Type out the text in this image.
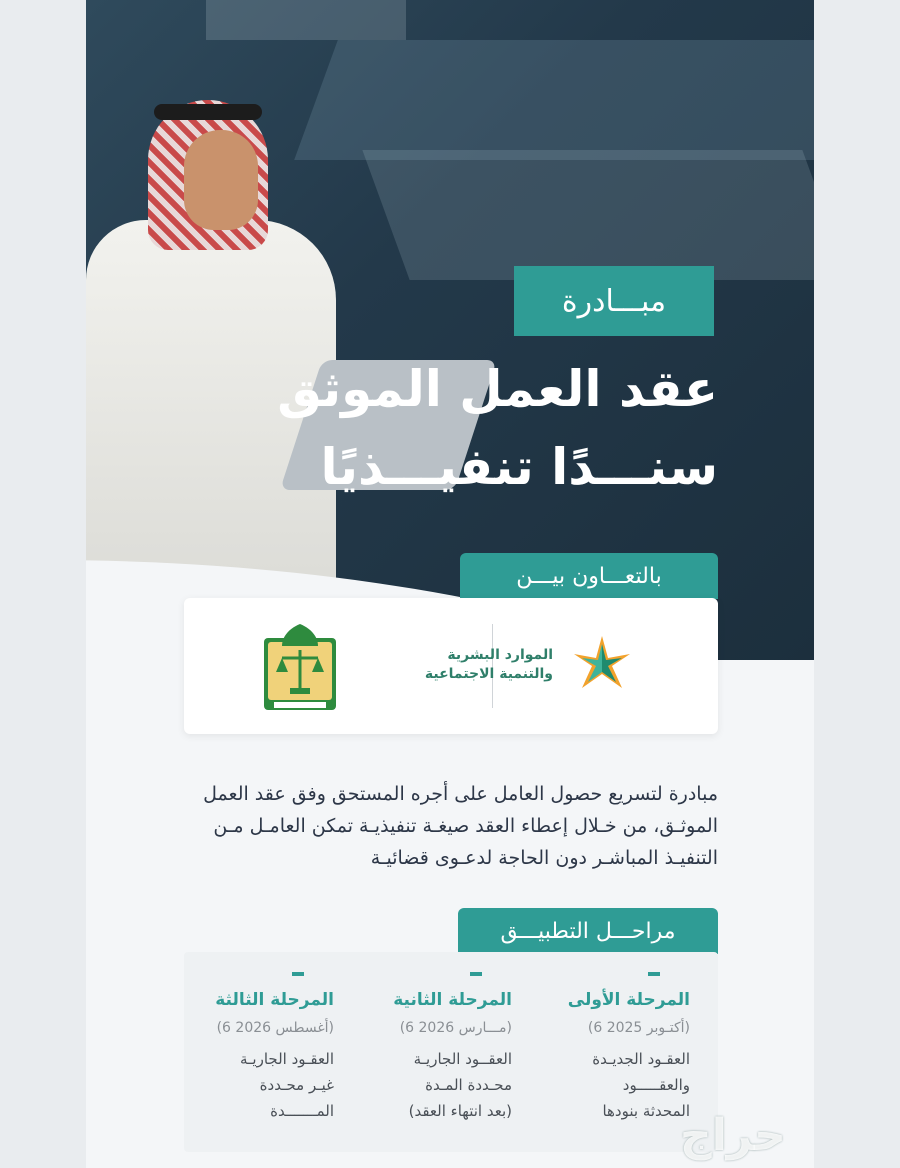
مبـــادرة
عقد العمل الموثق
سنـــدًا تنفيـــذيًا
بالتعـــاون بيـــن
الموارد البشرية
والتنمية الاجتماعية

مبادرة لتسريع حصول العامل على أجره المستحق وفق عقد العمل الموثـق، من خـلال إعطاء العقد صيغـة تنفيذيـة تمكن العامـل مـن التنفيـذ المباشـر دون الحاجة لدعـوى قضائيـة

مراحـــل التطبيـــق
المرحلة الأولى
(6 أكتـوبر 2025)
العقـود الجديـدة
والعقـــــود
المحدثة بنودها
المرحلة الثانية
(6 مـــارس 2026)
العقــود الجاريـة
محـددة المـدة
(بعد انتهاء العقد)
المرحلة الثالثة
(6 أغسطس 2026)
العقـود الجاريـة
غيـر محـددة
المـــــــدة	حراج
